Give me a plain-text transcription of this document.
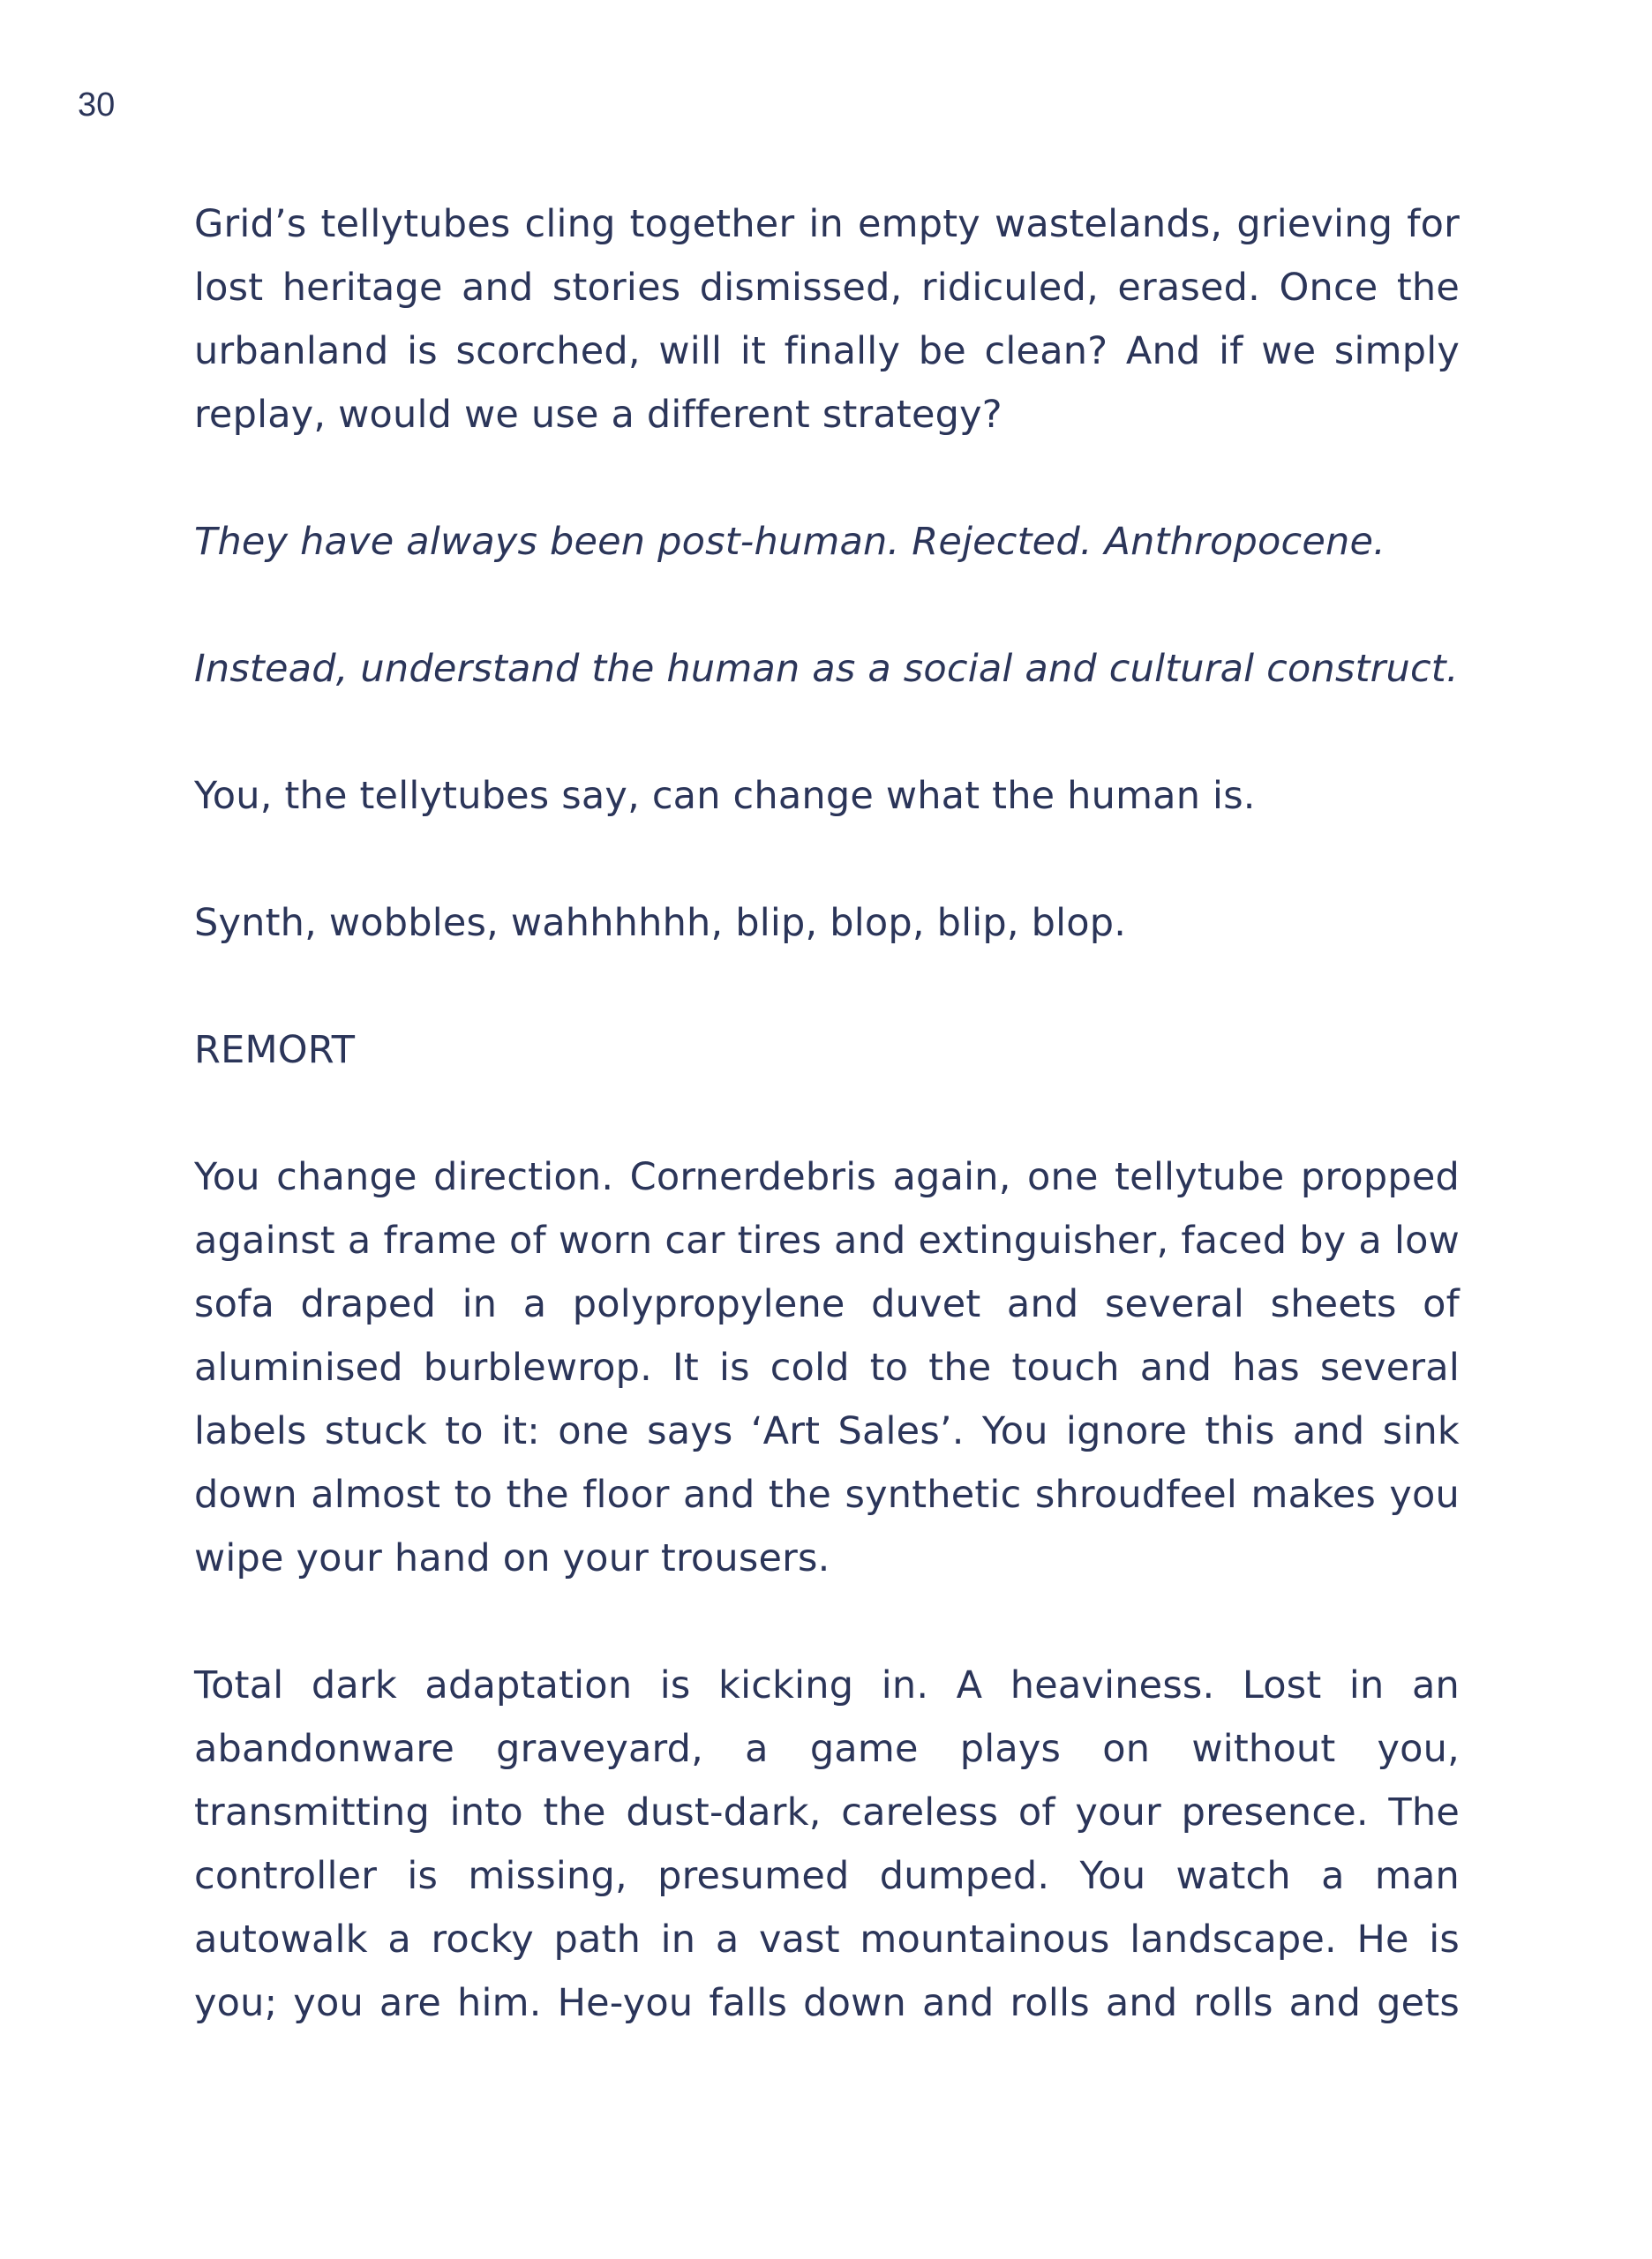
30

Grid’s tellytubes cling together in empty wastelands, grieving for lost heritage and stories dismissed, ridiculed, erased. Once the urbanland is scorched, will it finally be clean? And if we simply replay, would we use a different strategy?

They have always been post-human. Rejected. Anthropocene.

Instead, understand the human as a social and cultural construct.

You, the tellytubes say, can change what the human is.

Synth, wobbles, wahhhhhh, blip, blop, blip, blop.

REMORT

You change direction. Cornerdebris again, one tellytube propped against a frame of worn car tires and extinguisher, faced by a low sofa draped in a polypropylene duvet and several sheets of aluminised burblewrop. It is cold to the touch and has several labels stuck to it: one says ‘Art Sales’. You ignore this and sink down almost to the floor and the synthetic shroudfeel makes you wipe your hand on your trousers.

Total dark adaptation is kicking in. A heaviness. Lost in an abandonware graveyard, a game plays on without you, transmitting into the dust-dark, careless of your presence. The controller is missing, presumed dumped. You watch a man autowalk a rocky path in a vast mountainous landscape. He is you; you are him. He-you falls down and rolls and rolls and gets
